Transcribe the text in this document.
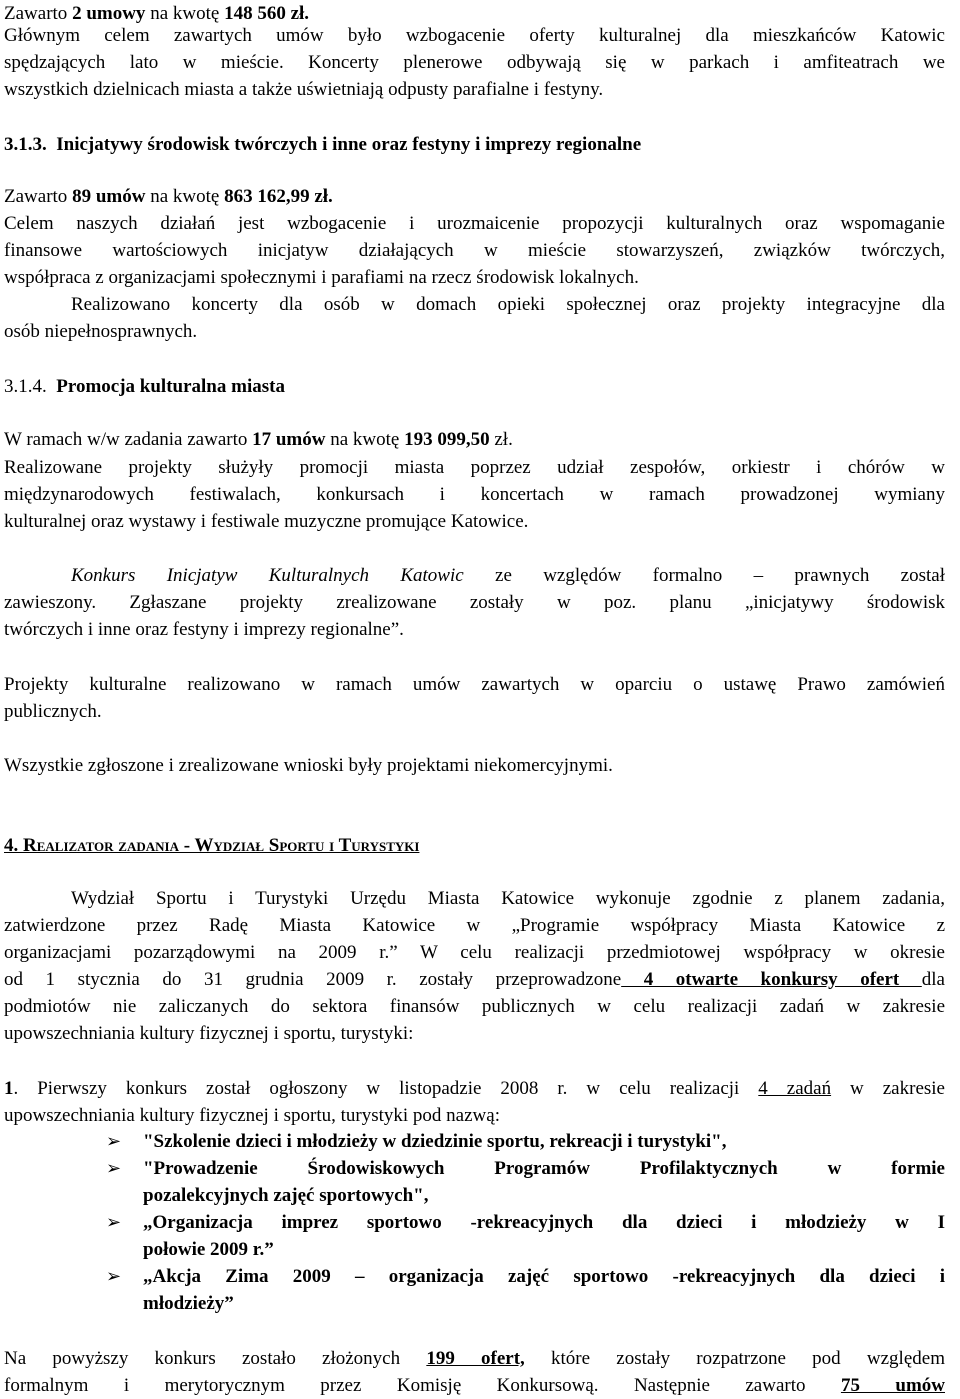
Zawarto 2 umowy na kwotę 148 560 zł.
Głównym celem zawartych umów było wzbogacenie oferty kulturalnej dla mieszkańców Katowic
spędzających lato w mieście. Koncerty plenerowe odbywają się w parkach i amfiteatrach we
wszystkich dzielnicach miasta a także uświetniają odpusty parafialne i festyny.
3.1.3. Inicjatywy środowisk twórczych i inne oraz festyny i imprezy regionalne
Zawarto 89 umów na kwotę 863 162,99 zł.
Celem naszych działań jest wzbogacenie i urozmaicenie propozycji kulturalnych oraz wspomaganie
finansowe wartościowych inicjatyw działających w mieście stowarzyszeń, związków twórczych,
współpraca z organizacjami społecznymi i parafiami na rzecz środowisk lokalnych.
Realizowano koncerty dla osób w domach opieki społecznej oraz projekty integracyjne dla
osób niepełnosprawnych.
3.1.4. Promocja kulturalna miasta
W ramach w/w zadania zawarto 17 umów na kwotę 193 099,50 zł.
Realizowane projekty służyły promocji miasta poprzez udział zespołów, orkiestr i chórów w
międzynarodowych festiwalach, konkursach i koncertach w ramach prowadzonej wymiany
kulturalnej oraz wystawy i festiwale muzyczne promujące Katowice.
Konkurs Inicjatyw Kulturalnych Katowic ze względów formalno – prawnych został
zawieszony. Zgłaszane projekty zrealizowane zostały w poz. planu „inicjatywy środowisk
twórczych i inne oraz festyny i imprezy regionalne”.
Projekty kulturalne realizowano w ramach umów zawartych w oparciu o ustawę Prawo zamówień
publicznych.
Wszystkie zgłoszone i zrealizowane wnioski były projektami niekomercyjnymi.
4. Realizator zadania - Wydział Sportu i Turystyki
Wydział Sportu i Turystyki Urzędu Miasta Katowice wykonuje zgodnie z planem zadania,
zatwierdzone przez Radę Miasta Katowice w „Programie współpracy Miasta Katowice z
organizacjami pozarządowymi na 2009 r.” W celu realizacji przedmiotowej współpracy w okresie
od 1 stycznia do 31 grudnia 2009 r. zostały przeprowadzone 4 otwarte konkursy ofert dla
podmiotów nie zaliczanych do sektora finansów publicznych w celu realizacji zadań w zakresie
upowszechniania kultury fizycznej i sportu, turystyki:
1. Pierwszy konkurs został ogłoszony w listopadzie 2008 r. w celu realizacji 4 zadań w zakresie
upowszechniania kultury fizycznej i sportu, turystyki pod nazwą:
➢ "Szkolenie dzieci i młodzieży w dziedzinie sportu, rekreacji i turystyki",
➢ "Prowadzenie Środowiskowych Programów Profilaktycznych w formie
pozalekcyjnych zajęć sportowych",
➢ „Organizacja imprez sportowo -rekreacyjnych dla dzieci i młodzieży w I
połowie 2009 r.”
➢ „Akcja Zima 2009 – organizacja zajęć sportowo -rekreacyjnych dla dzieci i
młodzieży”
Na powyższy konkurs zostało złożonych 199 ofert, które zostały rozpatrzone pod względem
formalnym i merytorycznym przez Komisję Konkursową. Następnie zawarto 75 umów
